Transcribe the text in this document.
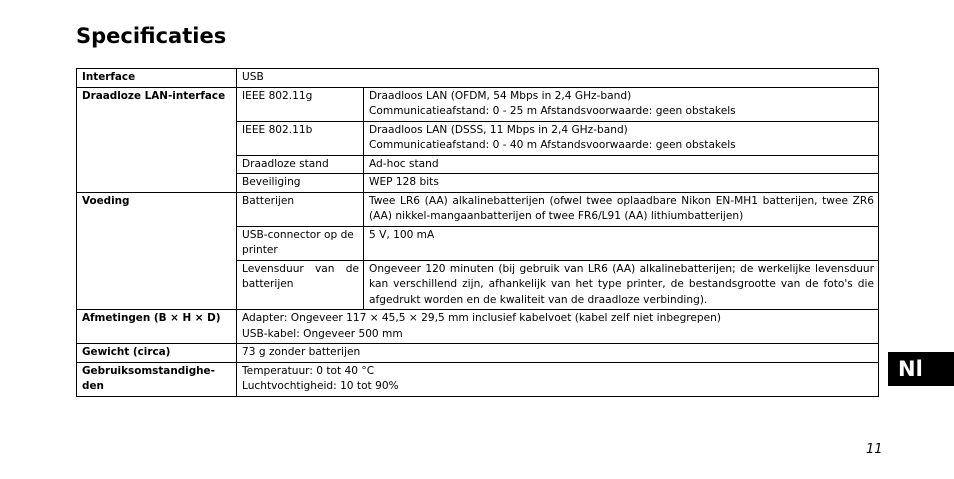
Specificaties
Interface	USB	
Draadloze LAN-interface	IEEE 802.11g	Draadloos LAN (OFDM, 54 Mbps in 2,4 GHz-band)
Communicatieafstand: 0 - 25 m Afstandsvoorwaarde: geen obstakels

	IEEE 802.11b	Draadloos LAN (DSSS, 11 Mbps in 2,4 GHz-band)
Communicatieafstand: 0 - 40 m Afstandsvoorwaarde: geen obstakels

	Draadloze stand	Ad-hoc stand
	Beveiliging	WEP 128 bits
Voeding	Batterijen	Twee LR6 (AA) alkalinebatterijen (ofwel twee oplaadbare Nikon EN-MH1 batterijen, twee ZR6 (AA) nikkel-mangaanbatterijen of twee FR6/L91 (AA) lithiumbatterijen)
	USB-connector op de printer	5 V, 100 mA
	Levensduur van de batterijen	Ongeveer 120 minuten (bij gebruik van LR6 (AA) alkalinebatterijen; de werkelijke levensduur kan verschillend zijn, afhankelijk van het type printer, de bestandsgrootte van de foto's die afgedrukt worden en de kwaliteit van de draadloze verbinding).
Afmetingen (B × H × D)	Adapter: Ongeveer 117 × 45,5 × 29,5 mm inclusief kabelvoet (kabel zelf niet inbegrepen)
USB-kabel: Ongeveer 500 mm	

Gewicht (circa)	73 g zonder batterijen	
Gebruiksomstandighe-den	Temperatuur: 0 tot 40 °C
Luchtvochtigheid: 10 tot 90%	
Nl
11
